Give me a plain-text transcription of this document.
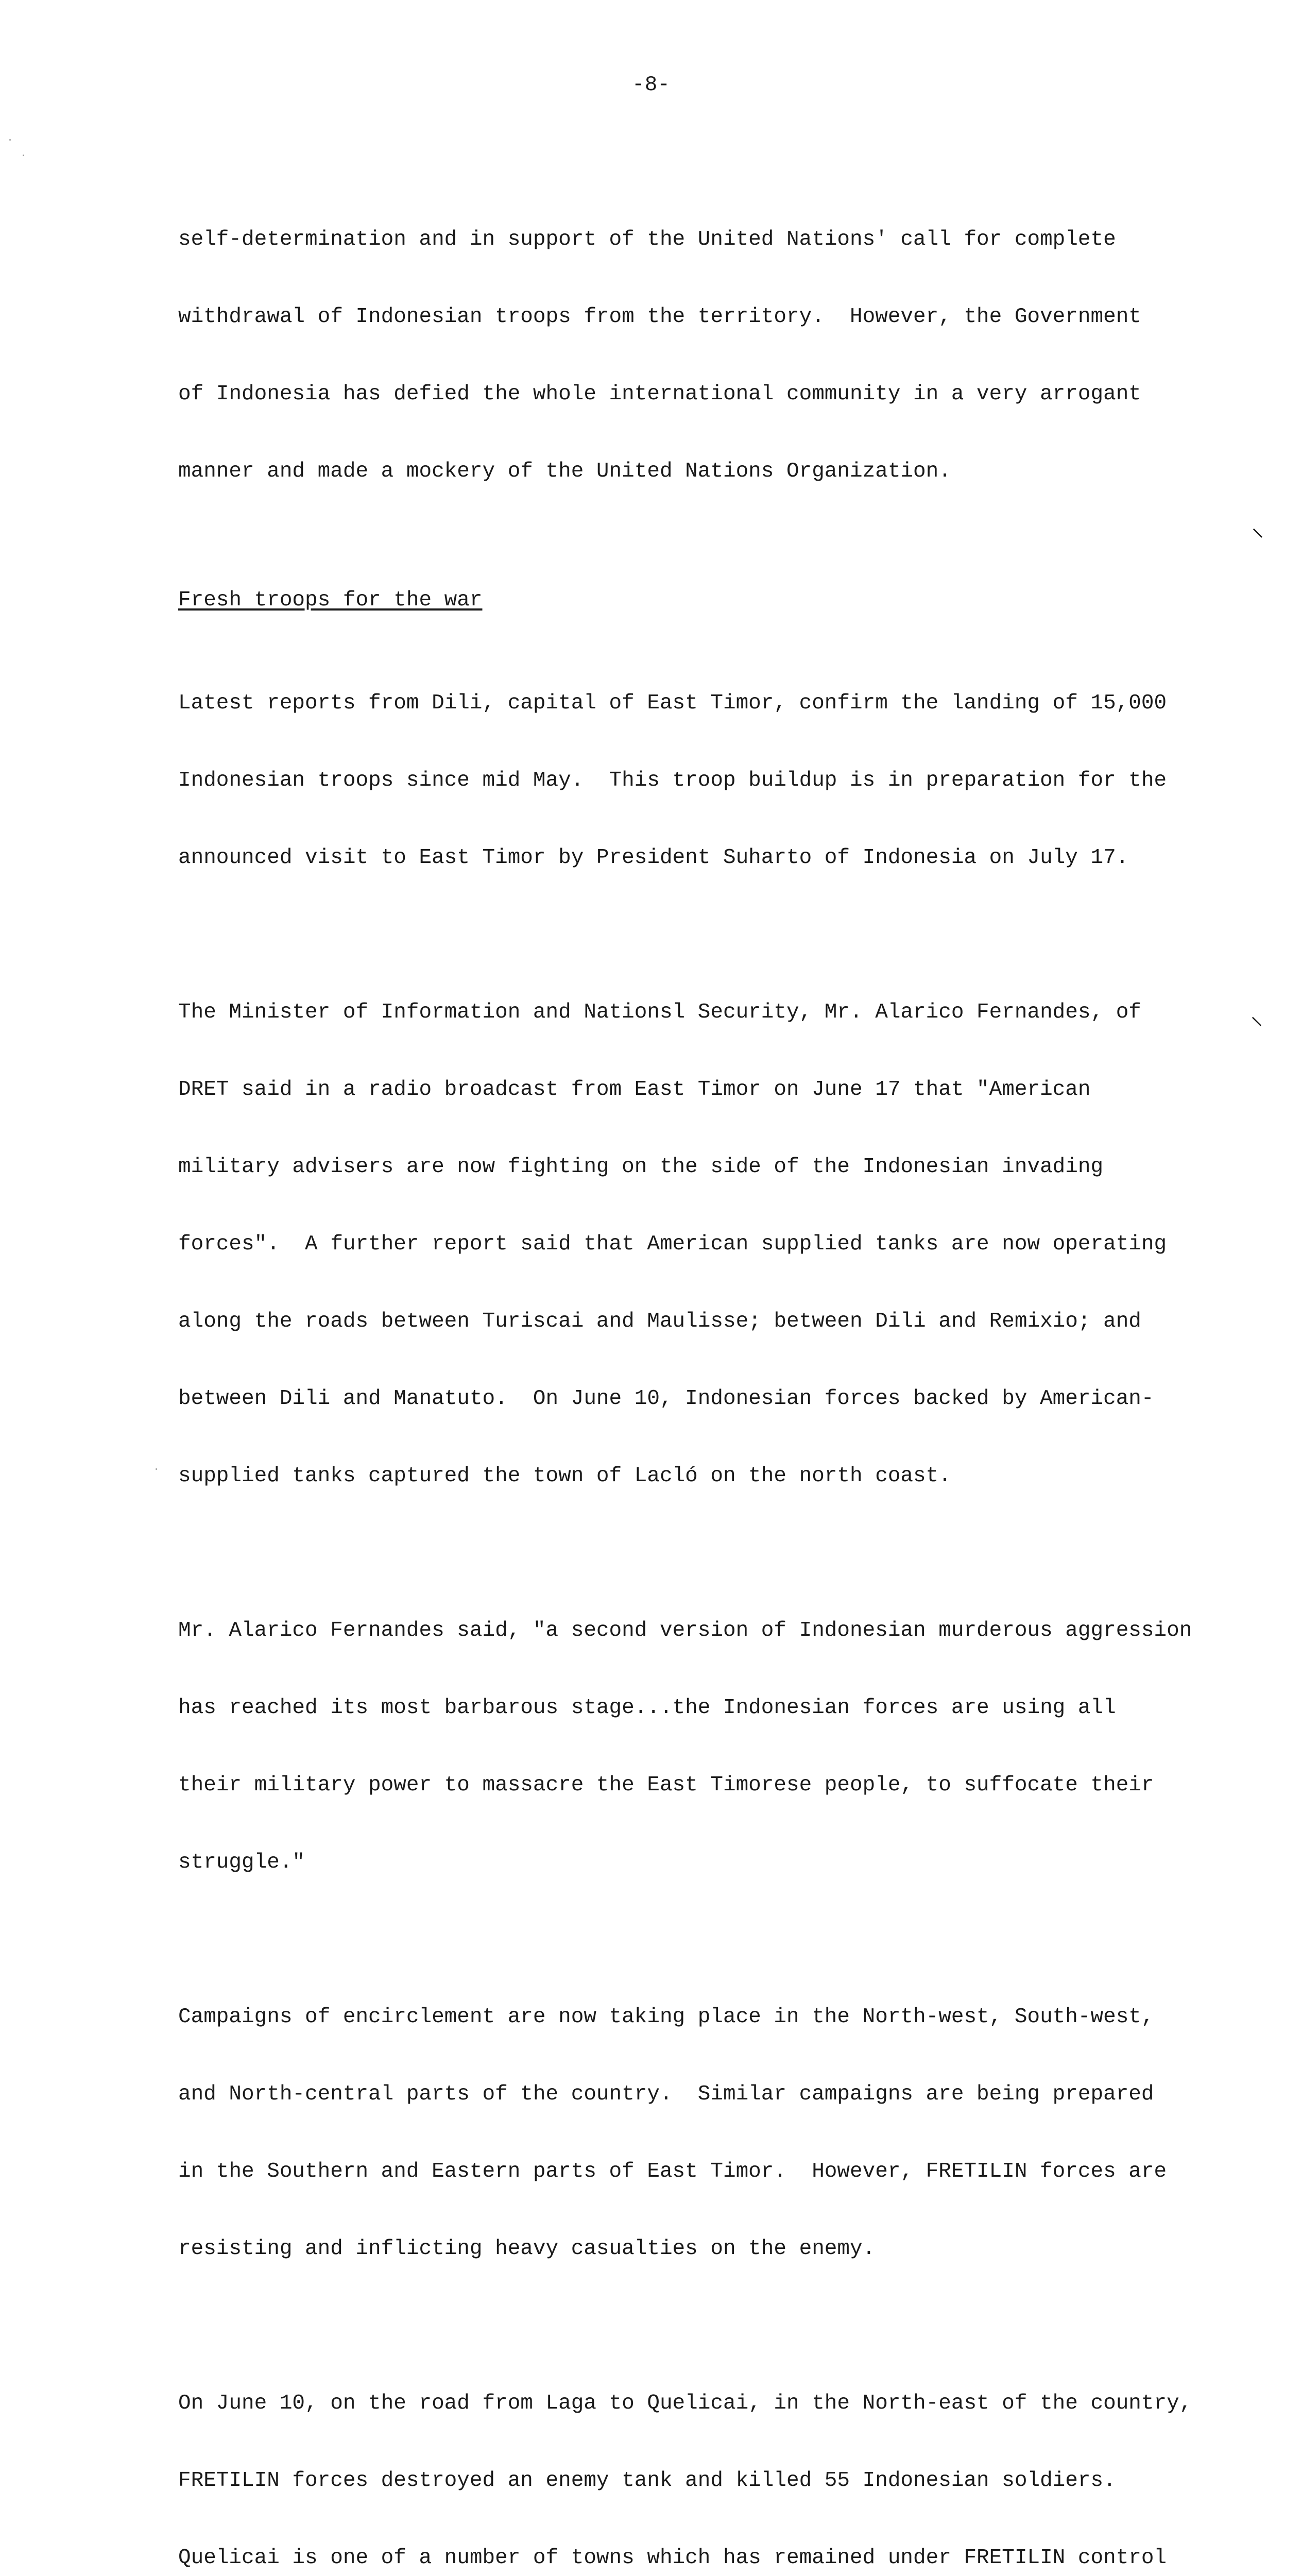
-8-

self-determination and in support of the United Nations' call for complete

withdrawal of Indonesian troops from the territory.  However, the Government

of Indonesia has defied the whole international community in a very arrogant

manner and made a mockery of the United Nations Organization.

Fresh troops for the war

Latest reports from Dili, capital of East Timor, confirm the landing of 15,000

Indonesian troops since mid May.  This troop buildup is in preparation for the

announced visit to East Timor by President Suharto of Indonesia on July 17.

The Minister of Information and Nationsl Security, Mr. Alarico Fernandes, of

DRET said in a radio broadcast from East Timor on June 17 that "American

military advisers are now fighting on the side of the Indonesian invading

forces".  A further report said that American supplied tanks are now operating

along the roads between Turiscai and Maulisse; between Dili and Remixio; and

between Dili and Manatuto.  On June 10, Indonesian forces backed by American-

supplied tanks captured the town of Lacló on the north coast.

Mr. Alarico Fernandes said, "a second version of Indonesian murderous aggression

has reached its most barbarous stage...the Indonesian forces are using all

their military power to massacre the East Timorese people, to suffocate their

struggle."

Campaigns of encirclement are now taking place in the North-west, South-west,

and North-central parts of the country.  Similar campaigns are being prepared

in the Southern and Eastern parts of East Timor.  However, FRETILIN forces are

resisting and inflicting heavy casualties on the enemy.

On June 10, on the road from Laga to Quelicai, in the North-east of the country,

FRETILIN forces destroyed an enemy tank and killed 55 Indonesian soldiers.

Quelicai is one of a number of towns which has remained under FRETILIN control

⸌
⸌
